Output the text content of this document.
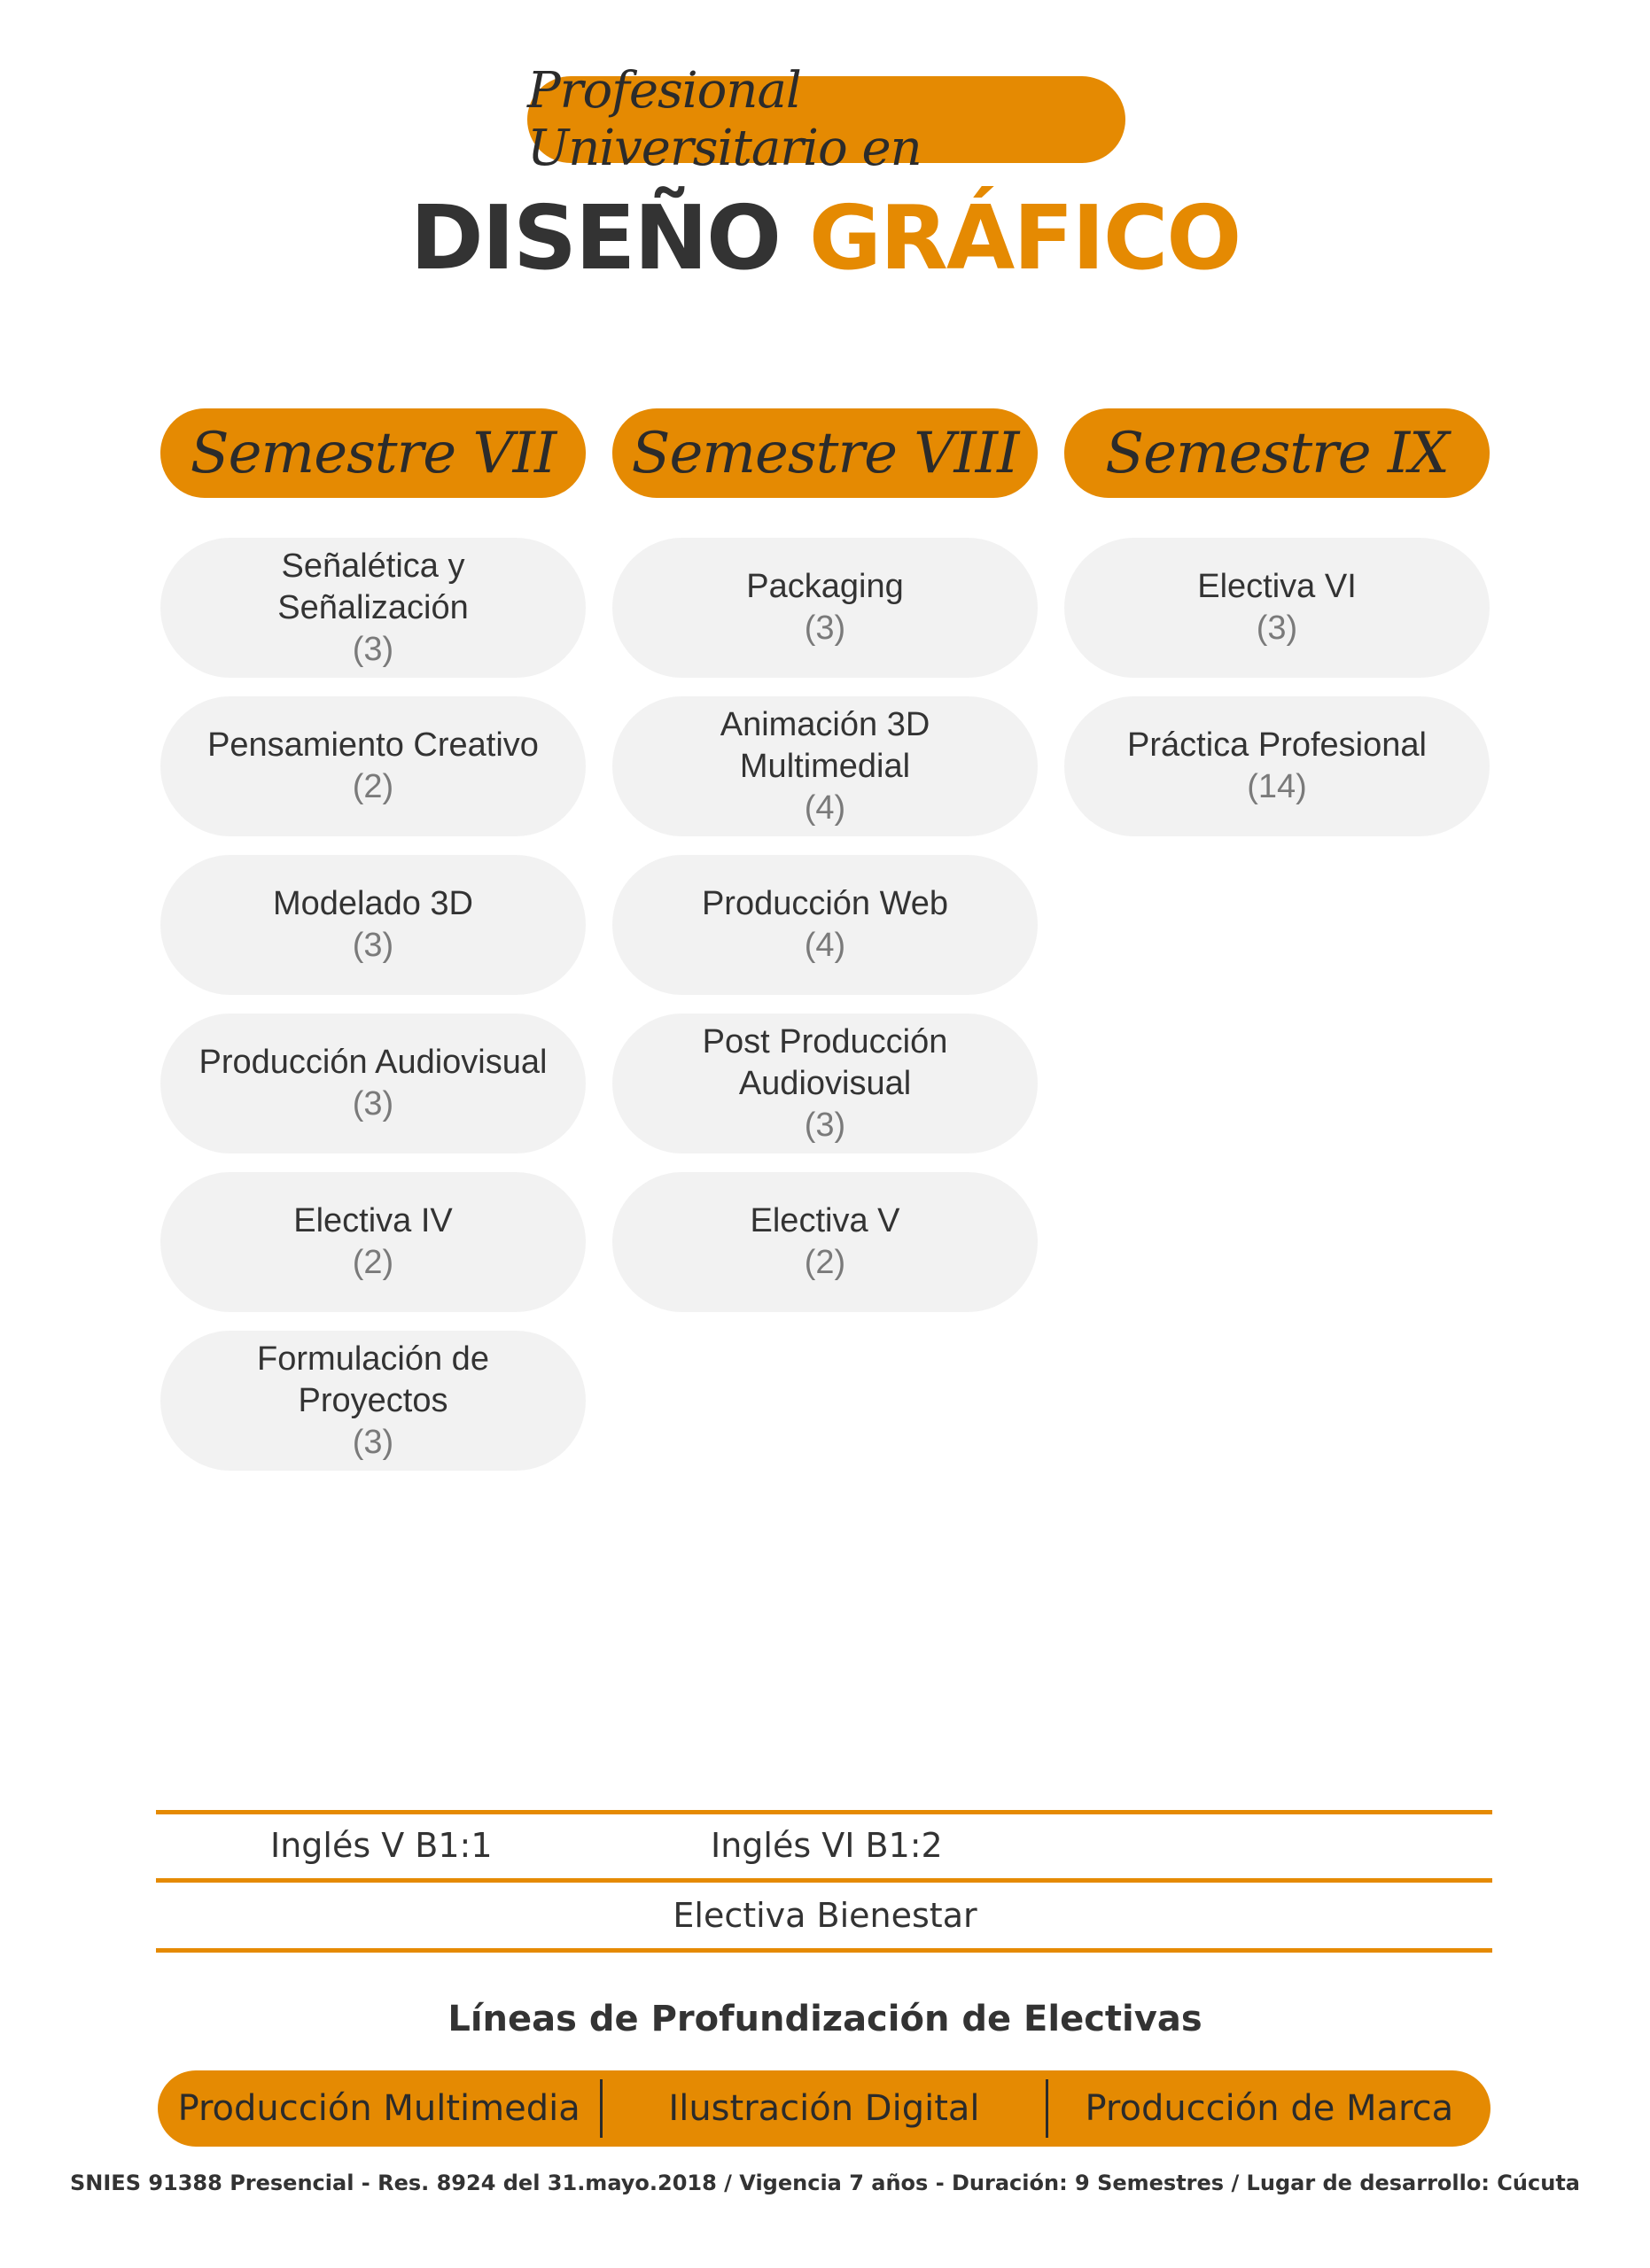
Profesional Universitario en
DISEÑO GRÁFICO
Semestre VII
Señalética y Señalización
(3)
Pensamiento Creativo
(2)
Modelado 3D
(3)
Producción Audiovisual
(3)
Electiva IV
(2)
Formulación de Proyectos
(3)
Semestre VIII
Packaging
(3)
Animación 3D Multimedial
(4)
Producción Web
(4)
Post Producción Audiovisual
(3)
Electiva V
(2)
Semestre IX
Electiva VI
(3)
Práctica Profesional
(14)
Inglés V B1:1	Inglés VI B1:2
Electiva Bienestar
Líneas de Profundización de Electivas
Producción Multimedia	Ilustración Digital	Producción de Marca
SNIES 91388 Presencial - Res. 8924 del 31.mayo.2018 / Vigencia 7 años - Duración: 9 Semestres / Lugar de desarrollo: Cúcuta
